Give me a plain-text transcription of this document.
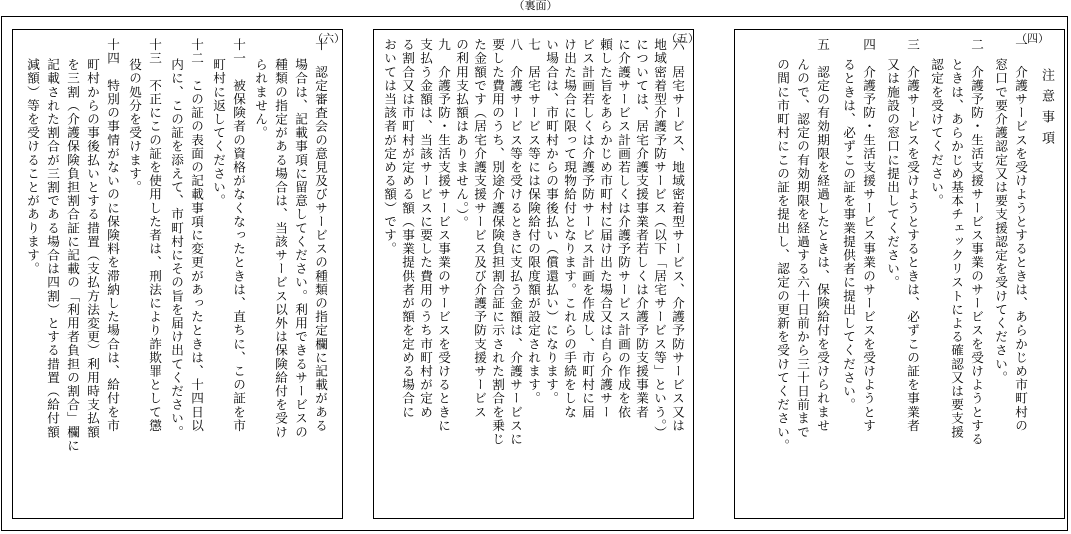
（裏面）
（四）
注意事項
一　介護サービスを受けようとするときは、あらかじめ市町村の
窓口で要介護認定又は要支援認定を受けてください。
二　介護予防・生活支援サービス事業のサービスを受けようとする
ときは、あらかじめ基本チェックリストによる確認又は要支援
認定を受けてください。
三　介護サービスを受けようとするときは、必ずこの証を事業者
又は施設の窓口に提出してください。
四　介護予防・生活支援サービス事業のサービスを受けようとす
るときは、必ずこの証を事業提供者に提出してください。
五　認定の有効期限を経過したときは、保険給付を受けられませ
んので、認定の有効期限を経過する六十日前から三十日前まで
の間に市町村にこの証を提出し、認定の更新を受けてください。
（五）
六　居宅サービス、地域密着型サービス、介護予防サービス又は
地域密着型介護予防サービス（以下「居宅サービス等」という。）
については、居宅介護支援事業者若しくは介護予防支援事業者
に介護サービス計画若しくは介護予防サービス計画の作成を依
頼した旨をあらかじめ市町村に届け出た場合又は自ら介護サー
ビス計画若しくは介護予防サービス計画を作成し、市町村に届
け出た場合に限って現物給付となります。これらの手続をしな
い場合は、市町村からの事後払い（償還払い）になります。
七　居宅サービス等には保険給付の限度額が設定されます。
八　介護サービス等を受けるときに支払う金額は、介護サービスに
要した費用のうち、別途介護保険負担割合証に示された割合を乗じ
た金額です（居宅介護支援サービス及び介護予防支援サービス
の利用支払額はありません。）。
九　介護予防・生活支援サービス事業のサービスを受けるときに
支払う金額は、当該サービスに要した費用のうち市町村が定め
る割合又は市町村が定める額（事業提供者が額を定める場合に
おいては当該者が定める額）です。
（六）
十　認定審査会の意見及びサービスの種類の指定欄に記載がある
場合は、記載事項に留意してください。利用できるサービスの
種類の指定がある場合は、当該サービス以外は保険給付を受け
られません。
十一　被保険者の資格がなくなったときは、直ちに、この証を市
町村に返してください。
十二　この証の表面の記載事項に変更があったときは、十四日以
内に、この証を添えて、市町村にその旨を届け出てください。
十三　不正にこの証を使用した者は、刑法により詐欺罪として懲
役の処分を受けます。
十四　特別の事情がないのに保険料を滞納した場合は、給付を市
町村からの事後払いとする措置（支払方法変更）利用時支払額
を三割（介護保険負担割合証に記載の「利用者負担の割合」欄に
記載された割合が三割である場合は四割）とする措置（給付額
減額）等を受けることがあります。
